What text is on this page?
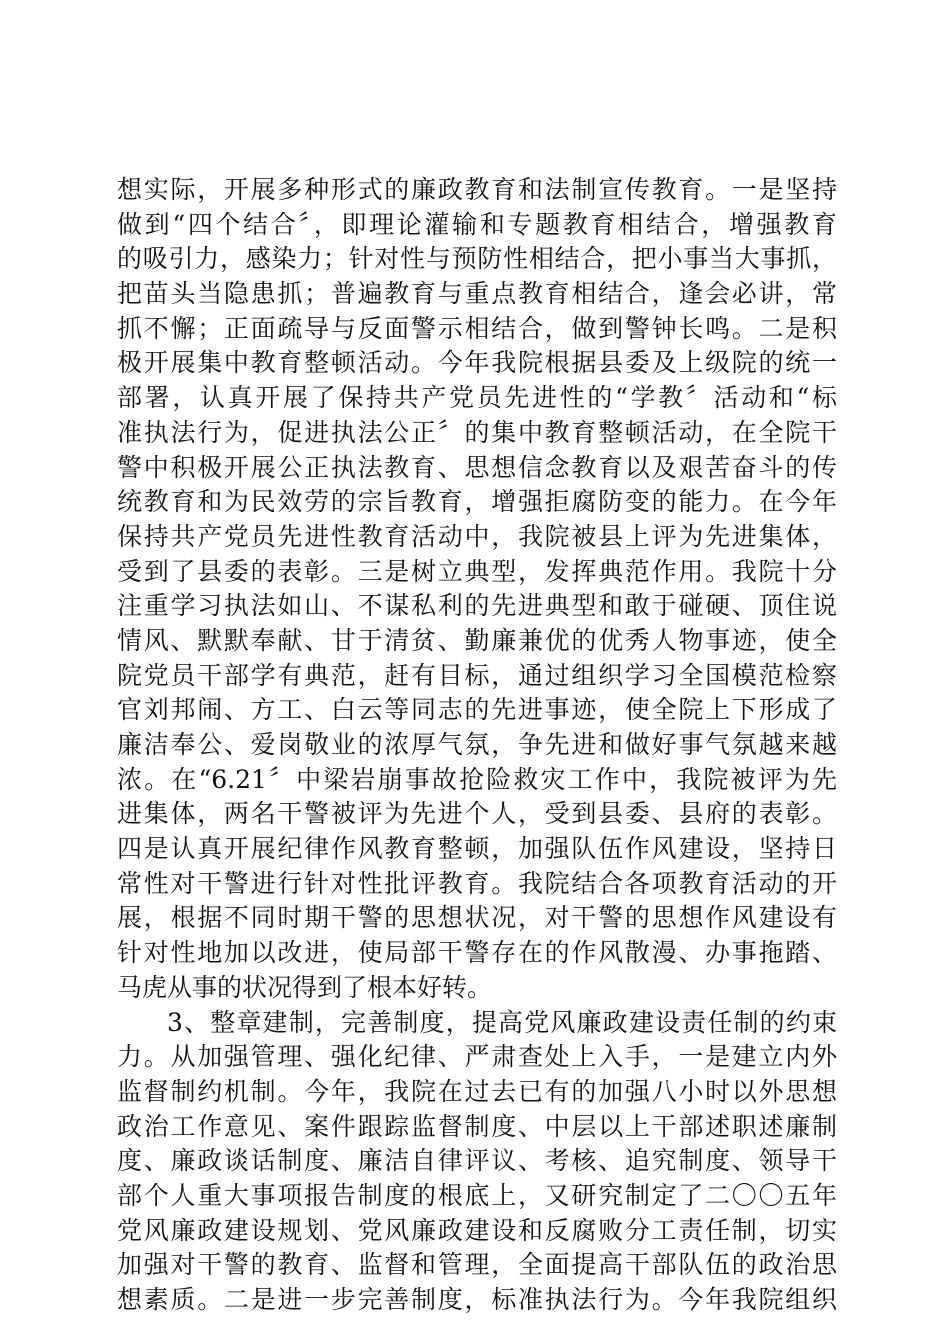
想实际，开展多种形式的廉政教育和法制宣传教育。一是坚持
做到“四个结合〞，即理论灌输和专题教育相结合，增强教育
的吸引力，感染力；针对性与预防性相结合，把小事当大事抓，
把苗头当隐患抓；普遍教育与重点教育相结合，逢会必讲，常
抓不懈；正面疏导与反面警示相结合，做到警钟长鸣。二是积
极开展集中教育整顿活动。今年我院根据县委及上级院的统一
部署，认真开展了保持共产党员先进性的“学教〞活动和“标
准执法行为，促进执法公正〞的集中教育整顿活动，在全院干
警中积极开展公正执法教育、思想信念教育以及艰苦奋斗的传
统教育和为民效劳的宗旨教育，增强拒腐防变的能力。在今年
保持共产党员先进性教育活动中，我院被县上评为先进集体，
受到了县委的表彰。三是树立典型，发挥典范作用。我院十分
注重学习执法如山、不谋私利的先进典型和敢于碰硬、顶住说
情风、默默奉献、甘于清贫、勤廉兼优的优秀人物事迹，使全
院党员干部学有典范，赶有目标，通过组织学习全国模范检察
官刘邦闹、方工、白云等同志的先进事迹，使全院上下形成了
廉洁奉公、爱岗敬业的浓厚气氛，争先进和做好事气氛越来越
浓。在“6.21〞中梁岩崩事故抢险救灾工作中，我院被评为先
进集体，两名干警被评为先进个人，受到县委、县府的表彰。
四是认真开展纪律作风教育整顿，加强队伍作风建设，坚持日
常性对干警进行针对性批评教育。我院结合各项教育活动的开
展，根据不同时期干警的思想状况，对干警的思想作风建设有
针对性地加以改进，使局部干警存在的作风散漫、办事拖踏、
马虎从事的状况得到了根本好转。
3、整章建制，完善制度，提高党风廉政建设责任制的约束
力。从加强管理、强化纪律、严肃查处上入手，一是建立内外
监督制约机制。今年，我院在过去已有的加强八小时以外思想
政治工作意见、案件跟踪监督制度、中层以上干部述职述廉制
度、廉政谈话制度、廉洁自律评议、考核、追究制度、领导干
部个人重大事项报告制度的根底上，又研究制定了二〇〇五年
党风廉政建设规划、党风廉政建设和反腐败分工责任制，切实
加强对干警的教育、监督和管理，全面提高干部队伍的政治思
想素质。二是进一步完善制度，标准执法行为。今年我院组织
